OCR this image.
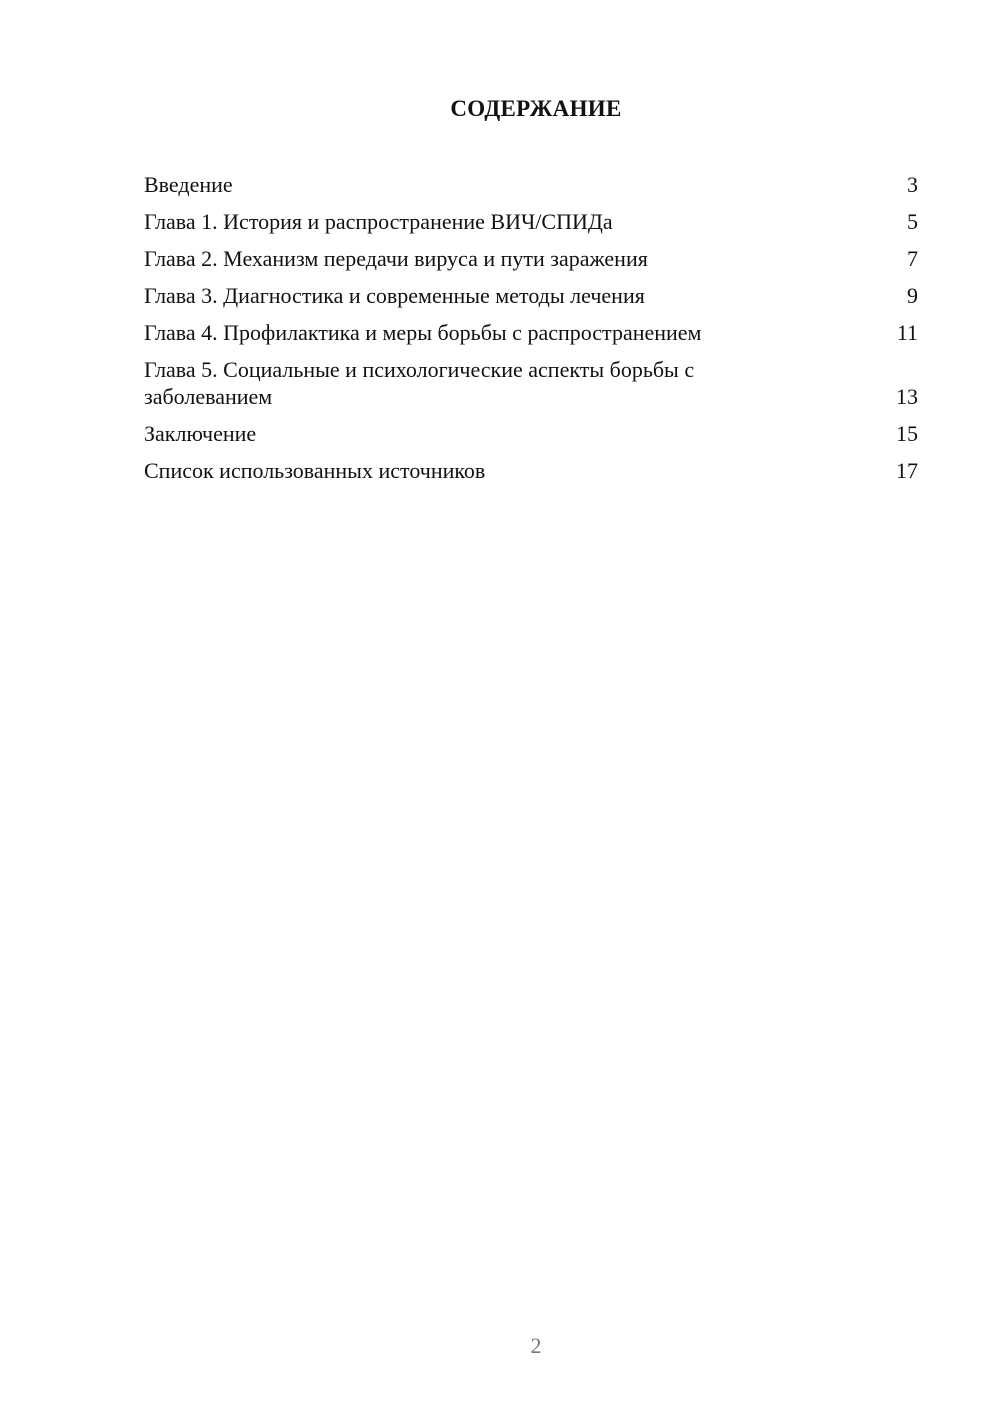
СОДЕРЖАНИЕ
Введение	3
Глава 1. История и распространение ВИЧ/СПИДа	5
Глава 2. Механизм передачи вируса и пути заражения	7
Глава 3. Диагностика и современные методы лечения	9
Глава 4. Профилактика и меры борьбы с распространением	11
Глава 5. Социальные и психологические аспекты борьбы с заболеванием	13
Заключение	15
Список использованных источников	17
2
